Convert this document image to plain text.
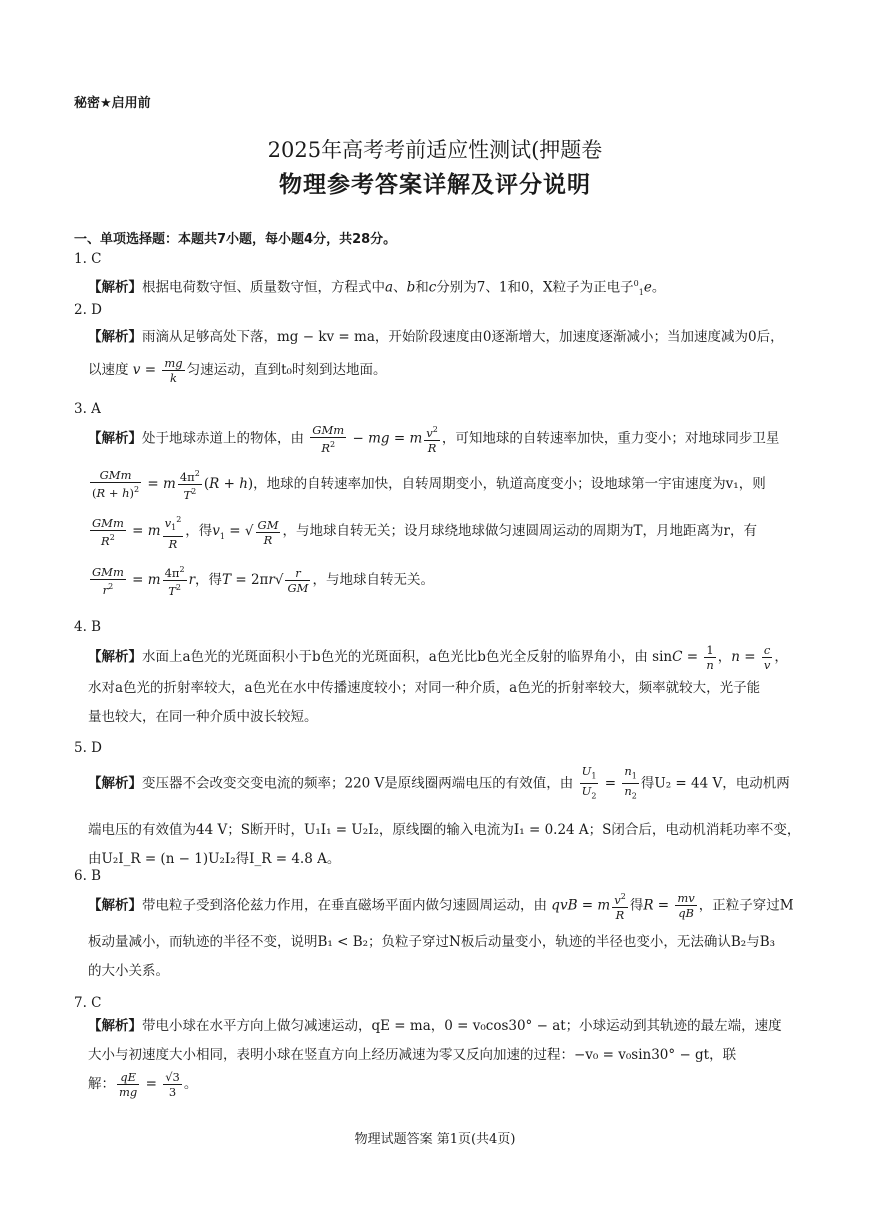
秘密★启用前
2025年高考考前适应性测试(押题卷
物理参考答案详解及评分说明
一、单项选择题：本题共7小题，每小题4分，共28分。
1. C
【解析】根据电荷数守恒、质量数守恒，方程式中a、b和c分别为7、1和0，X粒子为正电子$^0_1$e。
2. D
【解析】雨滴从足够高处下落，mg − kv = ma，开始阶段速度由0逐渐增大，加速度逐渐减小；当加速度减为0后，
以速度 $v = \frac{mg}{k}$ 匀速运动，直到t₀时刻到达地面。
3. A
【解析】处于地球赤道上的物体，由 $\frac{\text{GMm}}{R^2}$ − mg = m $\frac{v^2}{R}$ ，可知地球的自转速率加快，重力变小；对地球同步卫星
$\frac{\text{GMm}}{(R + h)^2} = m \frac{4\pi^2}{T^2} (R + h)$，地球的自转速率加快，自转周期变小，轨道高度变小；设地球第一宇宙速度为v₁，则
$\frac{\text{GMm}}{R^2} = m \frac{v_1^2}{R}$ ，得$v_1$ = √ $\frac{GM}{R}$ ，与地球自转无关；设月球绕地球做匀速圆周运动的周期为T，月地距离为r，有
$\frac{\text{GMm}}{r^2} = m \frac{4\pi^2}{T^2}$ r，得$T = 2\pi r√ \frac{r}{GM}$ ，与地球自转无关。
4. B
【解析】水面上a色光的光斑面积小于b色光的光斑面积，a色光比b色光全反射的临界角小，由 $\sin C = \frac{1}{n}$ ，$n = \frac{c}{v}$ ，
水对a色光的折射率较大，a色光在水中传播速度较小；对同一种介质，a色光的折射率较大，频率就较大，光子能
量也较大，在同一种介质中波长较短。
5. D
【解析】变压器不会改变交变电流的频率；220 V是原线圈两端电压的有效值，由 $\frac{U_1}{U_2} = \frac{n_1}{n_2}$ 得U₂ = 44 V，电动机两
端电压的有效值为44 V；S断开时，U₁I₁ = U₂I₂，原线圈的输入电流为I₁ = 0.24 A；S闭合后，电动机消耗功率不变，
由U₂I_R = (n − 1)U₂I₂得I_R = 4.8 A。
6. B
【解析】带电粒子受到洛伦兹力作用，在垂直磁场平面内做匀速圆周运动，由 qvB = m $\frac{v^2}{R}$ 得$R = \frac{mv}{qB}$ ，正粒子穿过M
板动量减小，而轨迹的半径不变，说明B₁ < B₂；负粒子穿过N板后动量变小，轨迹的半径也变小，无法确认B₂与B₃
的大小关系。
7. C
【解析】带电小球在水平方向上做匀减速运动，qE = ma，0 = v₀cos30° − at；小球运动到其轨迹的最左端，速度
大小与初速度大小相同，表明小球在竖直方向上经历减速为零又反向加速的过程：−v₀ = v₀sin30° − gt，联
解： $\frac{qE}{mg} = \frac{√3}{3}$ 。
物理试题答案 第1页(共4页)
